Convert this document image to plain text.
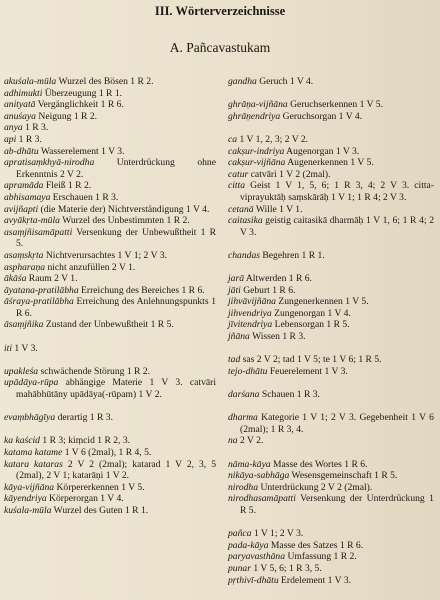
III. Wörterverzeichnisse
A. Pañcavastukam
akuśala-mūla Wurzel des Bösen 1 R 2.
adhimukti Überzeugung 1 R 1.
anityatā Vergänglichkeit 1 R 6.
anuśaya Neigung 1 R 2.
anya 1 R 3.
api 1 R 3.
ab-dhātu Wasserelement 1 V 3.
apratisaṃkhyā-nirodha Unterdrückung ohne Erkenntnis 2 V 2.
apramāda Fleiß 1 R 2.
abhisamaya Erschauen 1 R 3.
avijñapti (die Materie der) Nichtverständigung 1 V 4.
avyākṛta-mūla Wurzel des Unbestimmten 1 R 2.
asaṃjñisamāpatti Versenkung der Unbewußtheit 1 R 5.
asaṃskṛta Nichtverursachtes 1 V 1; 2 V 3.
aspharaṇa nicht anzufüllen 2 V 1.
ākāśa Raum 2 V 1.
āyatana-pratilābha Erreichung des Bereiches 1 R 6.
āśraya-pratilābha Erreichung des Anlehnungspunkts 1 R 6.
āsaṃjñika Zustand der Unbewußtheit 1 R 5.
iti 1 V 3.
upakleśa schwächende Störung 1 R 2.
upādāya-rūpa abhängige Materie 1 V 3. catvāri mahābhūtāny upādāya(-rūpam) 1 V 2.
evaṃbhāgīya derartig 1 R 3.
ka kaścid 1 R 3; kiṃcid 1 R 2, 3.
katama katame 1 V 6 (2mal), 1 R 4, 5.
katara kataras 2 V 2 (2mal); katarad 1 V 2, 3, 5 (2mal), 2 V 1; katarāṇi 1 V 2.
kāya-vijñāna Körpererkennen 1 V 5.
kāyendriya Körperorgan 1 V 4.
kuśala-mūla Wurzel des Guten 1 R 1.
gandha Geruch 1 V 4.
ghrāṇa-vijñāna Geruchserkennen 1 V 5.
ghrāṇendriya Geruchsorgan 1 V 4.
ca 1 V 1, 2, 3; 2 V 2.
cakṣur-indriya Augenorgan 1 V 3.
cakṣur-vijñāna Augenerkennen 1 V 5.
catur catvāri 1 V 2 (2mal).
citta Geist 1 V 1, 5, 6; 1 R 3, 4; 2 V 3. citta-viprayuktāḥ saṃskārāḥ 1 V 1; 1 R 4; 2 V 3.
cetanā Wille 1 V 1.
caitasika geistig caitasikā dharmāḥ 1 V 1, 6; 1 R 4; 2 V 3.
chandas Begehren 1 R 1.
jarā Altwerden 1 R 6.
jāti Geburt 1 R 6.
jihvāvijñāna Zungenerkennen 1 V 5.
jihvendriya Zungenorgan 1 V 4.
jīvitendriya Lebensorgan 1 R 5.
jñāna Wissen 1 R 3.
tad sas 2 V 2; tad 1 V 5; te 1 V 6; 1 R 5.
tejo-dhātu Feuerelement 1 V 3.
darśana Schauen 1 R 3.
dharma Kategorie 1 V 1; 2 V 3. Gegebenheit 1 V 6 (2mal); 1 R 3, 4.
na 2 V 2.
nāma-kāya Masse des Wortes 1 R 6.
nikāya-sabhāga Wesensgemeinschaft 1 R 5.
nirodha Unterdrückung 2 V 2 (2mal).
nirodhasamāpatti Versenkung der Unterdrückung 1 R 5.
pañca 1 V 1; 2 V 3.
pada-kāya Masse des Satzes 1 R 6.
paryavasthāna Umfassung 1 R 2.
punar 1 V 5, 6; 1 R 3, 5.
pṛthivī-dhātu Erdelement 1 V 3.
